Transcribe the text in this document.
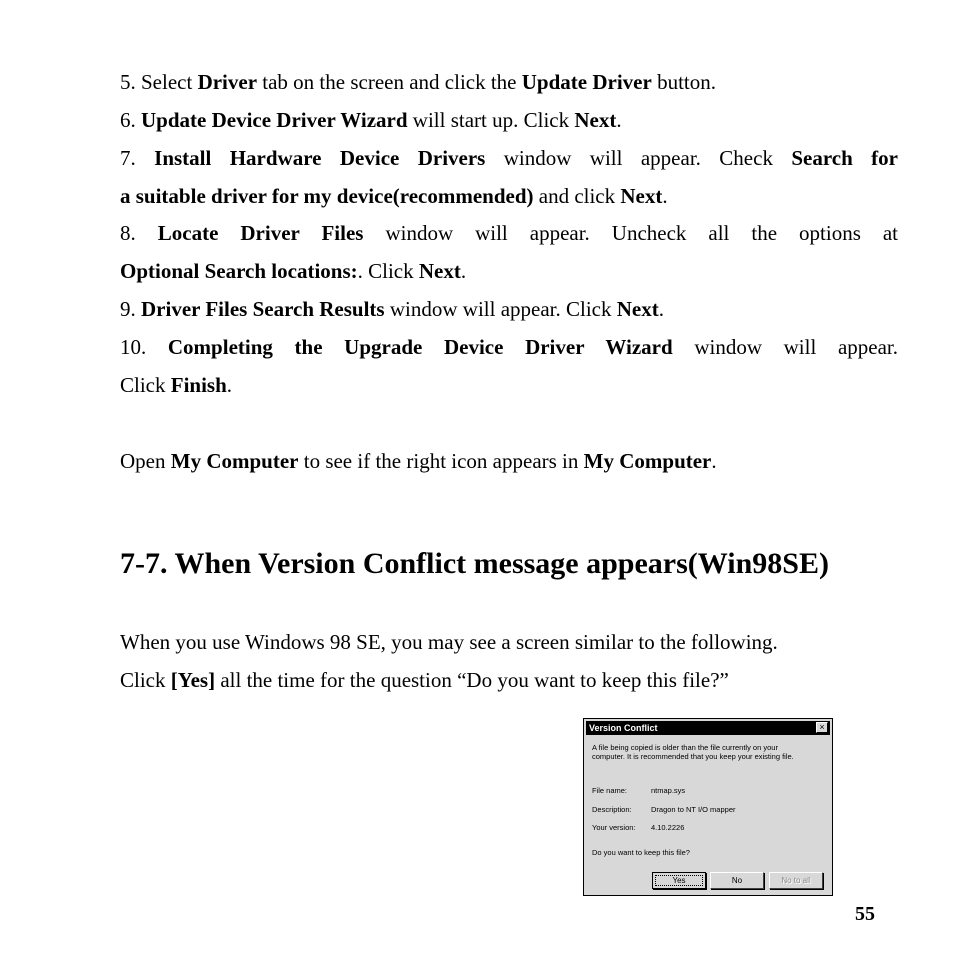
5. Select Driver tab on the screen and click the Update Driver button.
6. Update Device Driver Wizard will start up. Click Next.
7. Install Hardware Device Drivers window will appear. Check Search for
a suitable driver for my device(recommended) and click Next.
8. Locate Driver Files window will appear. Uncheck all the options at
Optional Search locations:. Click Next.
9. Driver Files Search Results window will appear. Click Next.
10. Completing the Upgrade Device Driver Wizard window will appear.
Click Finish.
Open My Computer to see if the right icon appears in My Computer.
7-7. When Version Conflict message appears(Win98SE)
When you use Windows 98 SE, you may see a screen similar to the following.
Click [Yes] all the time for the question “Do you want to keep this file?”
Version Conflict	×
A file being copied is older than the file currently on your
computer. It is recommended that you keep your existing file.
File name:	ntmap.sys
Description:	Dragon to NT I/O mapper
Your version: 4.10.2226
Do you want to keep this file?
Yes	No	No to all
55
